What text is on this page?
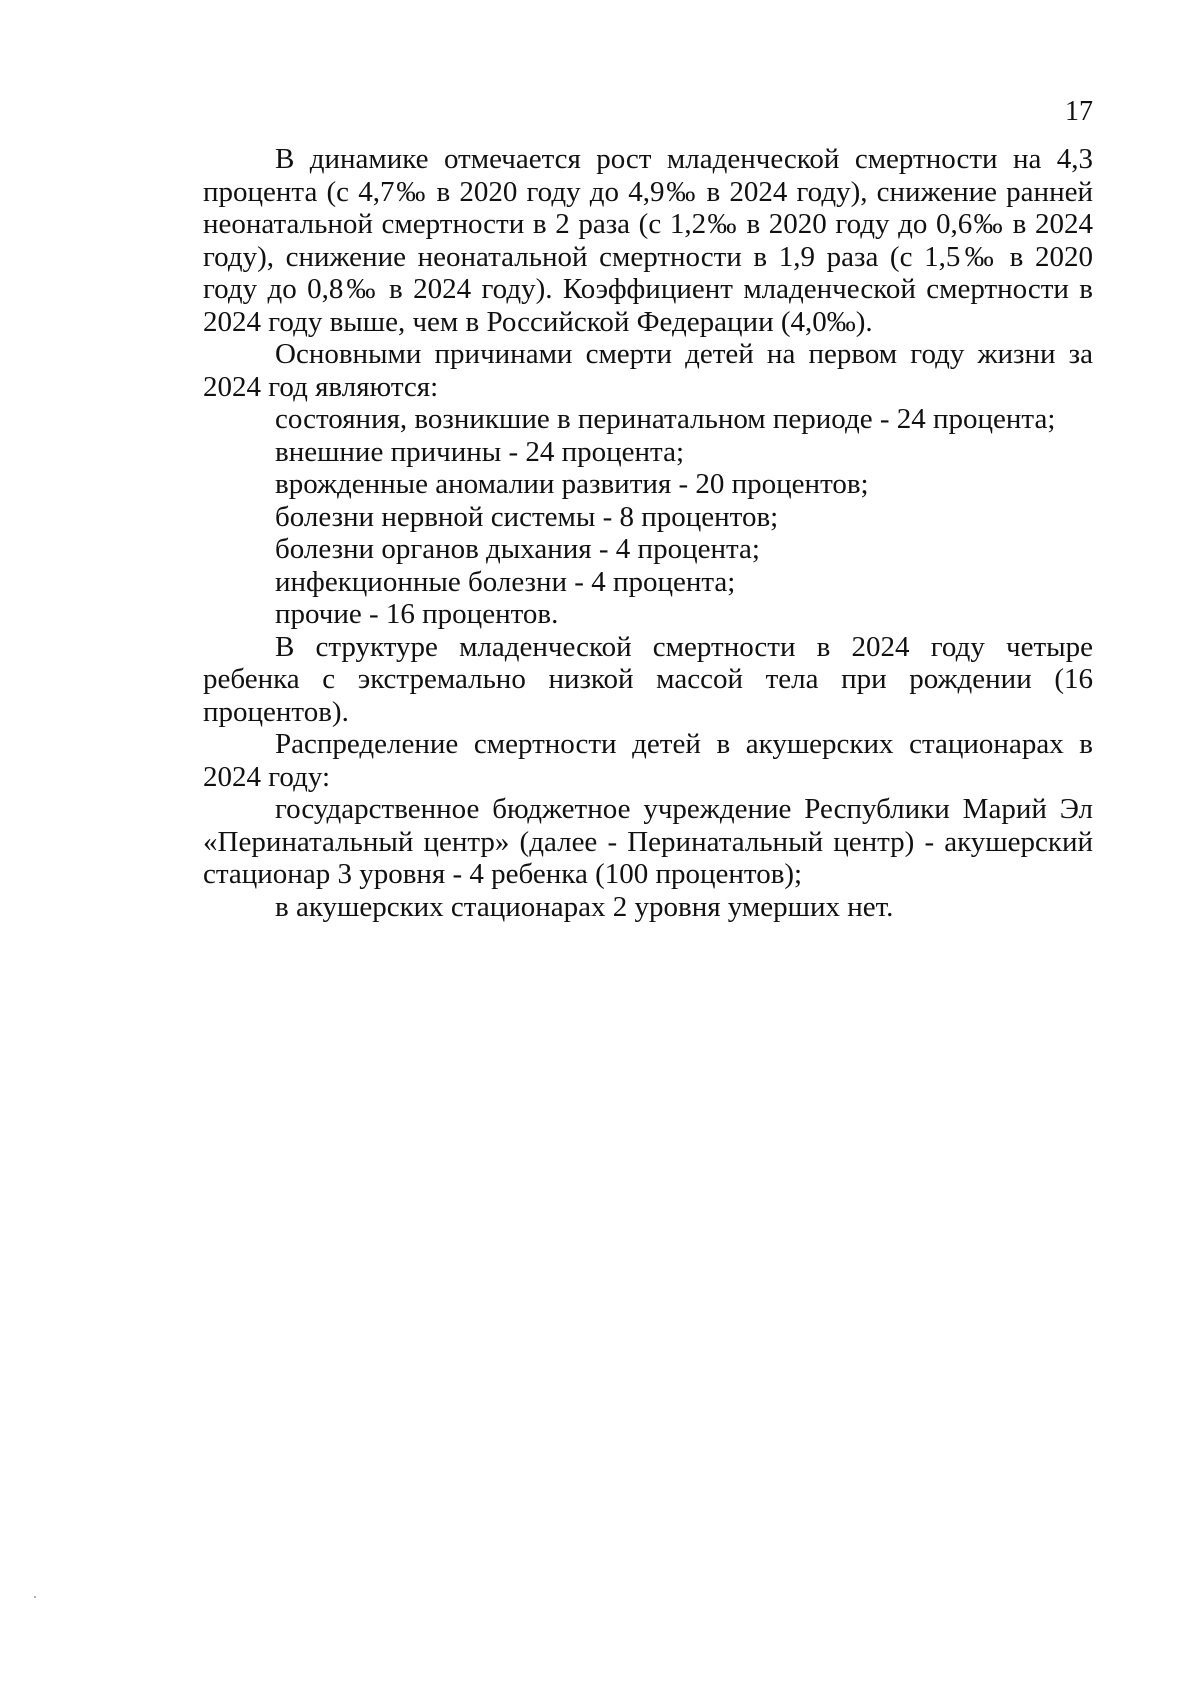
17

В динамике отмечается рост младенческой смертности на 4,3 процента (с 4,7‰ в 2020 году до 4,9‰ в 2024 году), снижение ранней неонатальной смертности в 2 раза (с 1,2‰ в 2020 году до 0,6‰ в 2024 году), снижение неонатальной смертности в 1,9 раза (с 1,5‰ в 2020 году до 0,8‰ в 2024 году). Коэффициент младенческой смертности в 2024 году выше, чем в Российской Федерации (4,0‰).

Основными причинами смерти детей на первом году жизни за 2024 год являются:

состояния, возникшие в перинатальном периоде - 24 процента;

внешние причины - 24 процента;

врожденные аномалии развития - 20 процентов;

болезни нервной системы - 8 процентов;

болезни органов дыхания - 4 процента;

инфекционные болезни - 4 процента;

прочие - 16 процентов.

В структуре младенческой смертности в 2024 году четыре ребенка с экстремально низкой массой тела при рождении (16 процентов).

Распределение смертности детей в акушерских стационарах в 2024 году:

государственное бюджетное учреждение Республики Марий Эл «Перинатальный центр» (далее - Перинатальный центр) - акушерский стационар 3 уровня - 4 ребенка (100 процентов);

в акушерских стационарах 2 уровня умерших нет.
